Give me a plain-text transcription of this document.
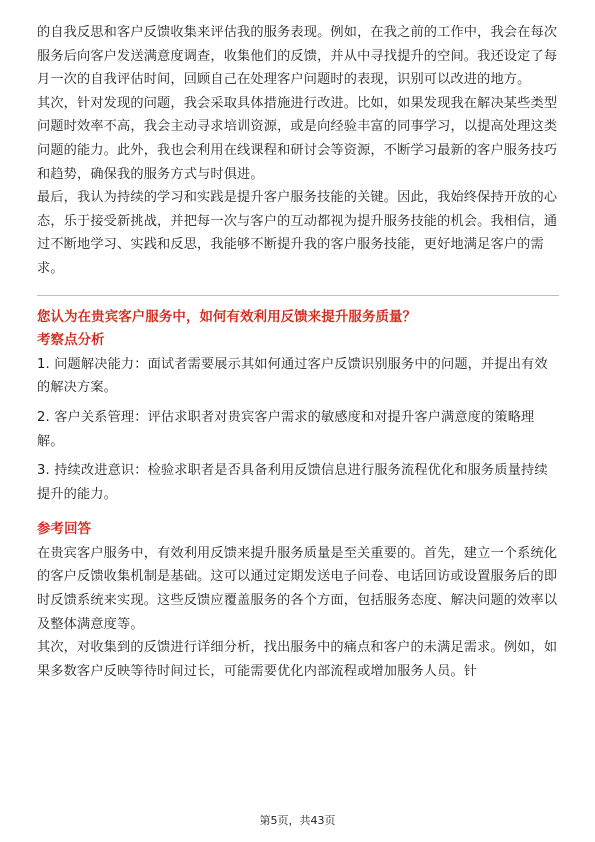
的自我反思和客户反馈收集来评估我的服务表现。例如，在我之前的工作中，我会在每次服务后向客户发送满意度调查，收集他们的反馈，并从中寻找提升的空间。我还设定了每月一次的自我评估时间，回顾自己在处理客户问题时的表现，识别可以改进的地方。

其次，针对发现的问题，我会采取具体措施进行改进。比如，如果发现我在解决某些类型问题时效率不高，我会主动寻求培训资源，或是向经验丰富的同事学习，以提高处理这类问题的能力。此外，我也会利用在线课程和研讨会等资源，不断学习最新的客户服务技巧和趋势，确保我的服务方式与时俱进。

最后，我认为持续的学习和实践是提升客户服务技能的关键。因此，我始终保持开放的心态，乐于接受新挑战，并把每一次与客户的互动都视为提升服务技能的机会。我相信，通过不断地学习、实践和反思，我能够不断提升我的客户服务技能，更好地满足客户的需求。

您认为在贵宾客户服务中，如何有效利用反馈来提升服务质量？

考察点分析

1. 问题解决能力：面试者需要展示其如何通过客户反馈识别服务中的问题，并提出有效的解决方案。

2. 客户关系管理：评估求职者对贵宾客户需求的敏感度和对提升客户满意度的策略理解。

3. 持续改进意识：检验求职者是否具备利用反馈信息进行服务流程优化和服务质量持续提升的能力。

参考回答

在贵宾客户服务中，有效利用反馈来提升服务质量是至关重要的。首先，建立一个系统化的客户反馈收集机制是基础。这可以通过定期发送电子问卷、电话回访或设置服务后的即时反馈系统来实现。这些反馈应覆盖服务的各个方面，包括服务态度、解决问题的效率以及整体满意度等。

其次，对收集到的反馈进行详细分析，找出服务中的痛点和客户的未满足需求。例如，如果多数客户反映等待时间过长，可能需要优化内部流程或增加服务人员。针

第5页，共43页
